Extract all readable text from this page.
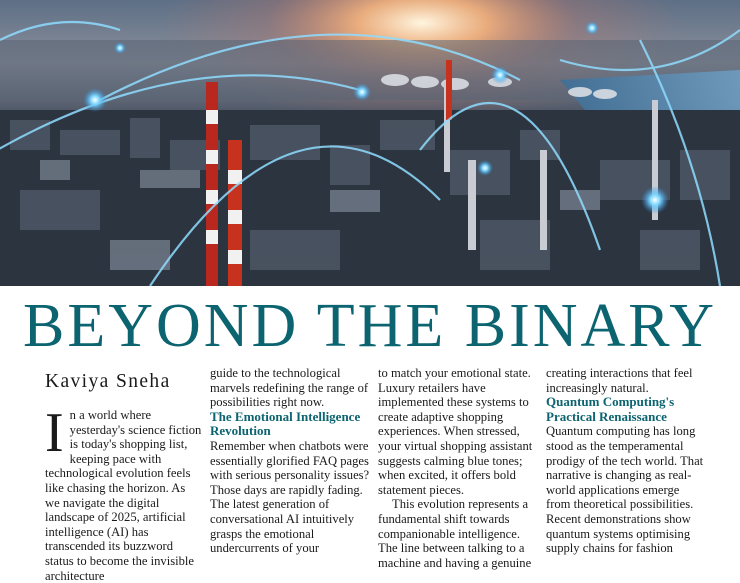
BEYOND THE BINARY
Kaviya Sneha

In a world where yesterday's science fiction is today's shopping list, keeping pace with technological evolution feels like chasing the horizon. As we navigate the digital landscape of 2025, artificial intelligence (AI) has transcended its buzzword status to become the invisible architecture

guide to the technological marvels redefining the range of possibilities right now.

The Emotional Intelligence Revolution

Remember when chatbots were essentially glorified FAQ pages with serious personality issues? Those days are rapidly fading. The latest generation of conversational AI intuitively grasps the emotional undercurrents of your

to match your emotional state. Luxury retailers have implemented these systems to create adaptive shopping experiences. When stressed, your virtual shopping assistant suggests calming blue tones; when excited, it offers bold statement pieces.

This evolution represents a fundamental shift towards companionable intelligence. The line between talking to a machine and having a genuine

creating interactions that feel increasingly natural.

Quantum Computing's Practical Renaissance

Quantum computing has long stood as the temperamental prodigy of the tech world. That narrative is changing as real-world applications emerge from theoretical possibilities. Recent demonstrations show quantum systems optimising supply chains for fashion
